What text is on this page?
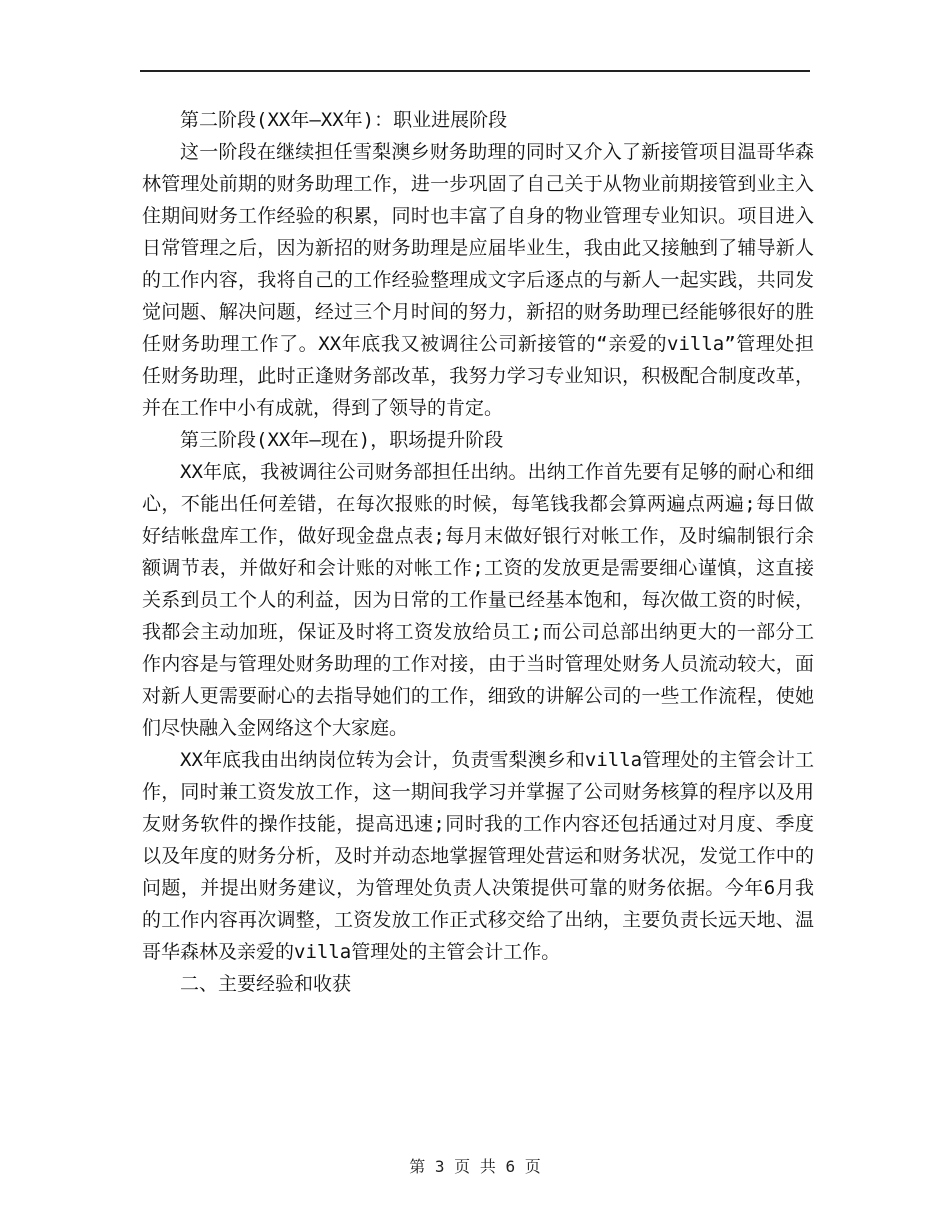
第二阶段(XX年—XX年)：职业进展阶段

这一阶段在继续担任雪梨澳乡财务助理的同时又介入了新接管项目温哥华森林管理处前期的财务助理工作，进一步巩固了自己关于从物业前期接管到业主入住期间财务工作经验的积累，同时也丰富了自身的物业管理专业知识。项目进入日常管理之后，因为新招的财务助理是应届毕业生，我由此又接触到了辅导新人的工作内容，我将自己的工作经验整理成文字后逐点的与新人一起实践，共同发觉问题、解决问题，经过三个月时间的努力，新招的财务助理已经能够很好的胜任财务助理工作了。XX年底我又被调往公司新接管的“亲爱的villa”管理处担任财务助理，此时正逢财务部改革，我努力学习专业知识，积极配合制度改革，并在工作中小有成就，得到了领导的肯定。

第三阶段(XX年—现在)，职场提升阶段

XX年底，我被调往公司财务部担任出纳。出纳工作首先要有足够的耐心和细心，不能出任何差错，在每次报账的时候，每笔钱我都会算两遍点两遍;每日做好结帐盘库工作，做好现金盘点表;每月末做好银行对帐工作，及时编制银行余额调节表，并做好和会计账的对帐工作;工资的发放更是需要细心谨慎，这直接关系到员工个人的利益，因为日常的工作量已经基本饱和，每次做工资的时候，我都会主动加班，保证及时将工资发放给员工;而公司总部出纳更大的一部分工作内容是与管理处财务助理的工作对接，由于当时管理处财务人员流动较大，面对新人更需要耐心的去指导她们的工作，细致的讲解公司的一些工作流程，使她们尽快融入金网络这个大家庭。

XX年底我由出纳岗位转为会计，负责雪梨澳乡和villa管理处的主管会计工作，同时兼工资发放工作，这一期间我学习并掌握了公司财务核算的程序以及用友财务软件的操作技能，提高迅速;同时我的工作内容还包括通过对月度、季度以及年度的财务分析，及时并动态地掌握管理处营运和财务状况，发觉工作中的问题，并提出财务建议，为管理处负责人决策提供可靠的财务依据。今年6月我的工作内容再次调整，工资发放工作正式移交给了出纳，主要负责长远天地、温哥华森林及亲爱的villa管理处的主管会计工作。

二、主要经验和收获

第 3 页 共 6 页
